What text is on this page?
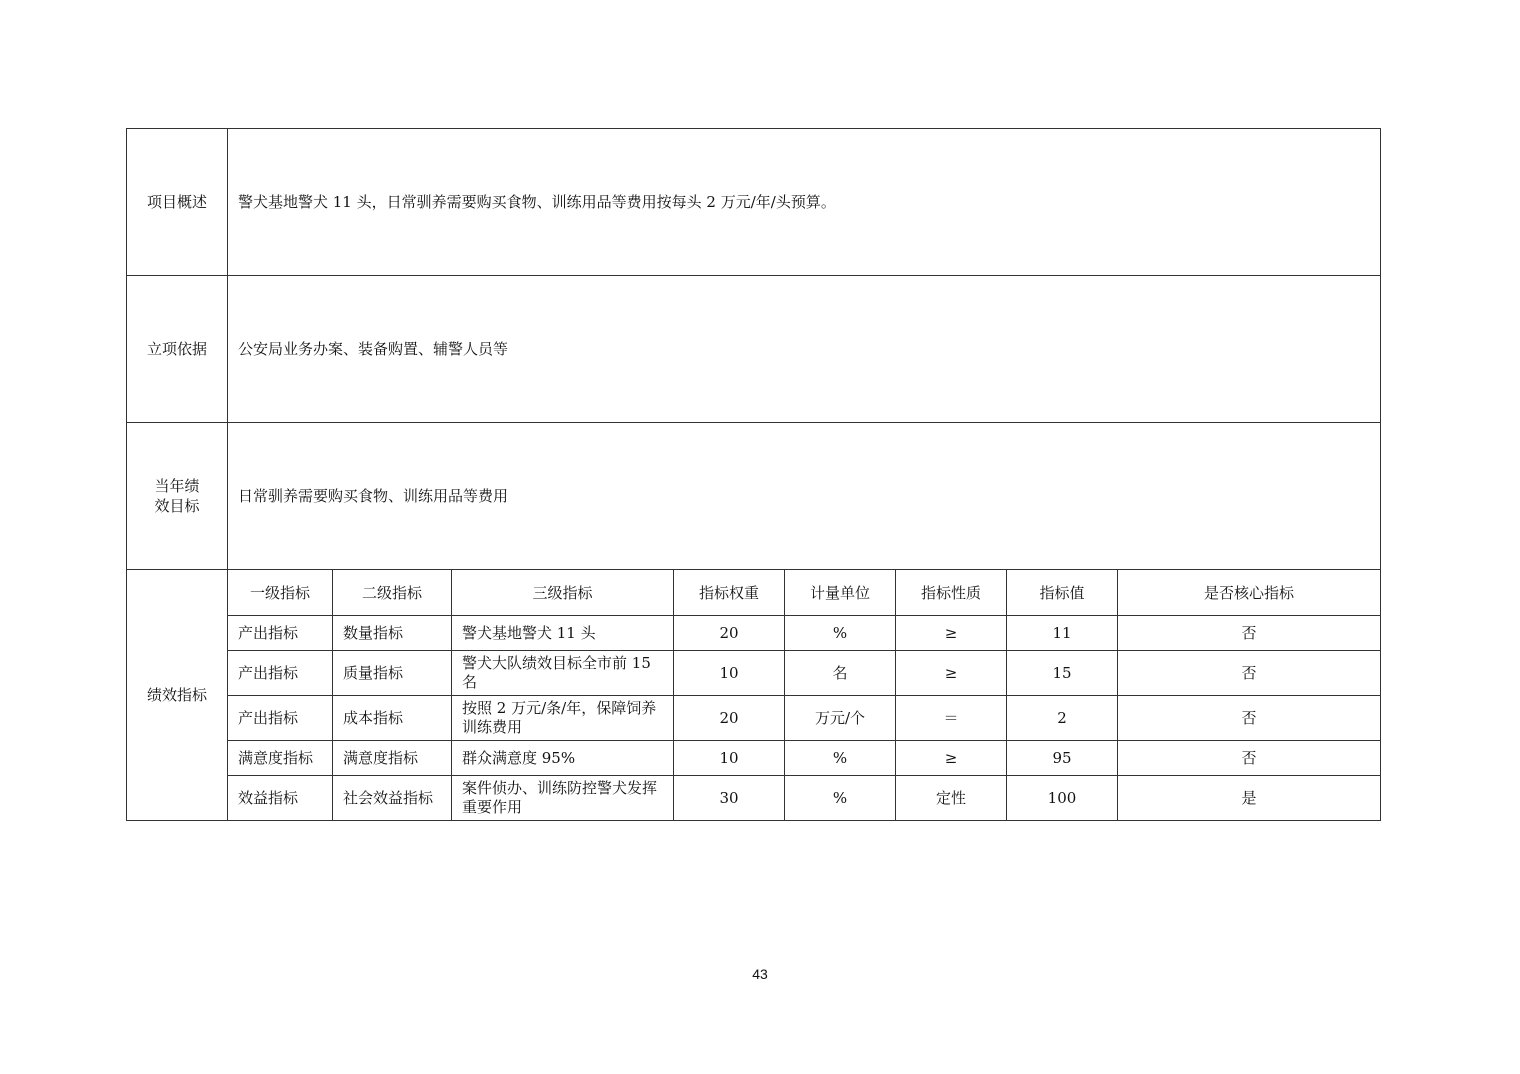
项目概述	警犬基地警犬 11 头，日常驯养需要购买食物、训练用品等费用按每头 2 万元/年/头预算。							
立项依据	公安局业务办案、装备购置、辅警人员等							
当年绩效目标	日常驯养需要购买食物、训练用品等费用							
绩效指标	一级指标	二级指标	三级指标	指标权重	计量单位	指标性质	指标值	是否核心指标
	产出指标	数量指标	警犬基地警犬 11 头	20	%	≥	11	否
	产出指标	质量指标	警犬大队绩效目标全市前 15 名	10	名	≥	15	否
	产出指标	成本指标	按照 2 万元/条/年，保障饲养训练费用	20	万元/个	＝	2	否
	满意度指标	满意度指标	群众满意度 95%	10	%	≥	95	否
	效益指标	社会效益指标	案件侦办、训练防控警犬发挥重要作用	30	%	定性	100	是
43
